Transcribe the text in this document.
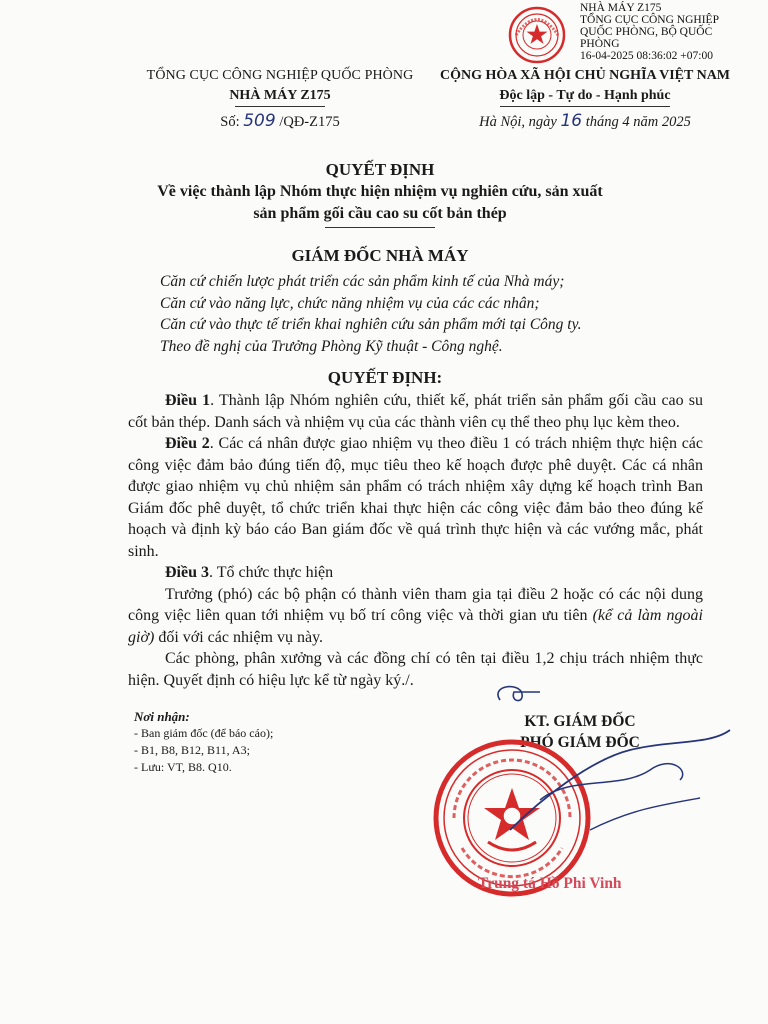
NHÀ MÁY Z175
TỔNG CỤC CÔNG NGHIỆP
QUỐC PHÒNG, BỘ QUỐC
PHÒNG
16-04-2025 08:36:02 +07:00
TỔNG CỤC CÔNG NGHIỆP QUỐC PHÒNG
NHÀ MÁY Z175
Số: 509 /QĐ-Z175
CỘNG HÒA XÃ HỘI CHỦ NGHĨA VIỆT NAM
Độc lập - Tự do - Hạnh phúc
Hà Nội, ngày 16 tháng 4 năm 2025
QUYẾT ĐỊNH
Về việc thành lập Nhóm thực hiện nhiệm vụ nghiên cứu, sản xuất
sản phẩm gối cầu cao su cốt bản thép
GIÁM ĐỐC NHÀ MÁY
Căn cứ chiến lược phát triển các sản phẩm kinh tế của Nhà máy;
Căn cứ vào năng lực, chức năng nhiệm vụ của các các nhân;
Căn cứ vào thực tế triển khai nghiên cứu sản phẩm mới tại Công ty.
Theo đề nghị của Trưởng Phòng Kỹ thuật - Công nghệ.
QUYẾT ĐỊNH:

Điều 1. Thành lập Nhóm nghiên cứu, thiết kế, phát triển sản phẩm gối cầu cao su cốt bản thép. Danh sách và nhiệm vụ của các thành viên cụ thể theo phụ lục kèm theo.

Điều 2. Các cá nhân được giao nhiệm vụ theo điều 1 có trách nhiệm thực hiện các công việc đảm bảo đúng tiến độ, mục tiêu theo kế hoạch được phê duyệt. Các cá nhân được giao nhiệm vụ chủ nhiệm sản phẩm có trách nhiệm xây dựng kế hoạch trình Ban Giám đốc phê duyệt, tổ chức triển khai thực hiện các công việc đảm bảo theo đúng kế hoạch và định kỳ báo cáo Ban giám đốc về quá trình thực hiện và các vướng mắc, phát sinh.

Điều 3. Tổ chức thực hiện

Trưởng (phó) các bộ phận có thành viên tham gia tại điều 2 hoặc có các nội dung công việc liên quan tới nhiệm vụ bố trí công việc và thời gian ưu tiên (kể cả làm ngoài giờ) đối với các nhiệm vụ này.

Các phòng, phân xưởng và các đồng chí có tên tại điều 1,2 chịu trách nhiệm thực hiện. Quyết định có hiệu lực kể từ ngày ký./.

Nơi nhận:
- Ban giám đốc (để báo cáo);
- B1, B8, B12, B11, A3;
- Lưu: VT, B8. Q10.
KT. GIÁM ĐỐC
PHÓ GIÁM ĐỐC
Trung tá Hồ Phi Vinh
